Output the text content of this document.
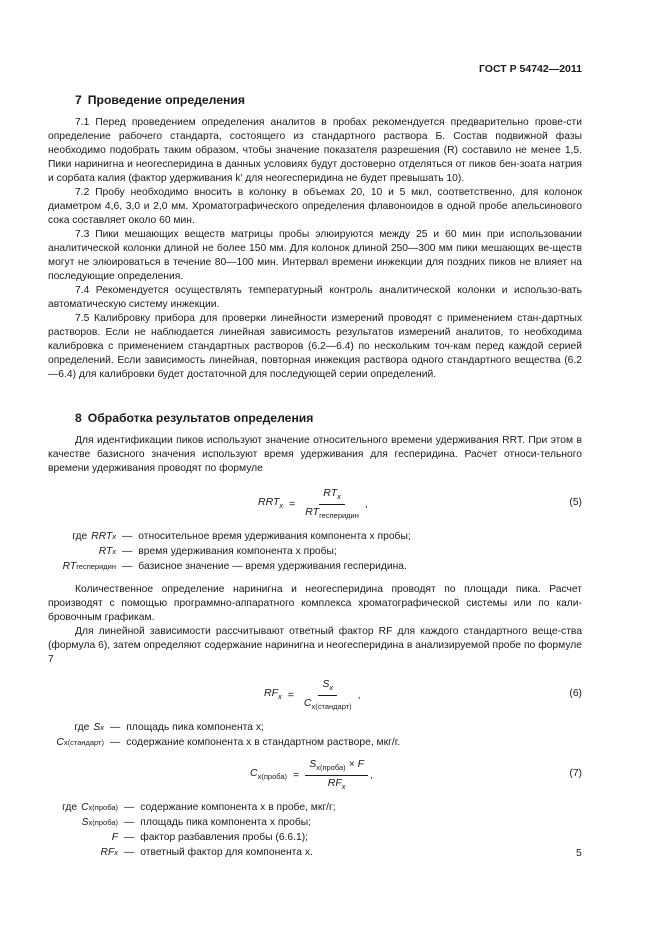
ГОСТ Р 54742—2011
7 Проведение определения

7.1 Перед проведением определения аналитов в пробах рекомендуется предварительно прове-сти определение рабочего стандарта, состоящего из стандартного раствора Б. Состав подвижной фазы необходимо подобрать таким образом, чтобы значение показателя разрешения (R) составило не менее 1,5. Пики наринигна и неогесперидина в данных условиях будут достоверно отделяться от пиков бен-зоата натрия и сорбата калия (фактор удерживания k′ для неогесперидина не будет превышать 10).

7.2 Пробу необходимо вносить в колонку в объемах 20, 10 и 5 мкл, соответственно, для колонок диаметром 4,6, 3,0 и 2,0 мм. Хроматографического определения флавоноидов в одной пробе апельсинового сока составляет около 60 мин.

7.3 Пики мешающих веществ матрицы пробы элюируются между 25 и 60 мин при использовании аналитической колонки длиной не более 150 мм. Для колонок длиной 250—300 мм пики мешающих ве-ществ могут не элюироваться в течение 80—100 мин. Интервал времени инжекции для поздних пиков не влияет на последующие определения.

7.4 Рекомендуется осуществлять температурный контроль аналитической колонки и использо-вать автоматическую систему инжекции.

7.5 Калибровку прибора для проверки линейности измерений проводят с применением стан-дартных растворов. Если не наблюдается линейная зависимость результатов измерений аналитов, то необходима калибровка с применением стандартных растворов (6.2—6.4) по нескольким точ-кам перед каждой серией определений. Если зависимость линейная, повторная инжекция раствора одного стандартного вещества (6.2—6.4) для калибровки будет достаточной для последующей серии определений.

8 Обработка результатов определения

Для идентификации пиков используют значение относительного времени удерживания RRT. При этом в качестве базисного значения используют время удерживания для гесперидина. Расчет относи-тельного времени удерживания проводят по формуле

$RRT_x = \frac{RT_x}{RT_{гесперидин}}$ ,	(5)
где RRT x — относительное время удерживания компонента x пробы;
RT x — время удерживания компонента x пробы;
RT гесперидин — базисное значение — время удерживания гесперидина.

Количественное определение наринигна и неогесперидина проводят по площади пика. Расчет производят с помощью программно-аппаратного комплекса хроматографической системы или по кали-бровочным графикам.

Для линейной зависимости рассчитывают ответный фактор RF для каждого стандартного веще-ства (формула 6), затем определяют содержание наринигна и неогесперидина в анализируемой пробе по формуле 7

$RF_x = \frac{S_x}{C_{x(стандарт)}}$ ,	(6)
где S x — площадь пика компонента x;
C x(стандарт) — содержание компонента x в стандартном растворе, мкг/г.
$C_{x(проба)} = \frac{S_{x(проба)} \times F}{RF_x}$ ,	(7)
где C x(проба) — содержание компонента x в пробе, мкг/г;
S x(проба) — площадь пика компонента x пробы;
F — фактор разбавления пробы (6.6.1);
RF x — ответный фактор для компонента x.	5
